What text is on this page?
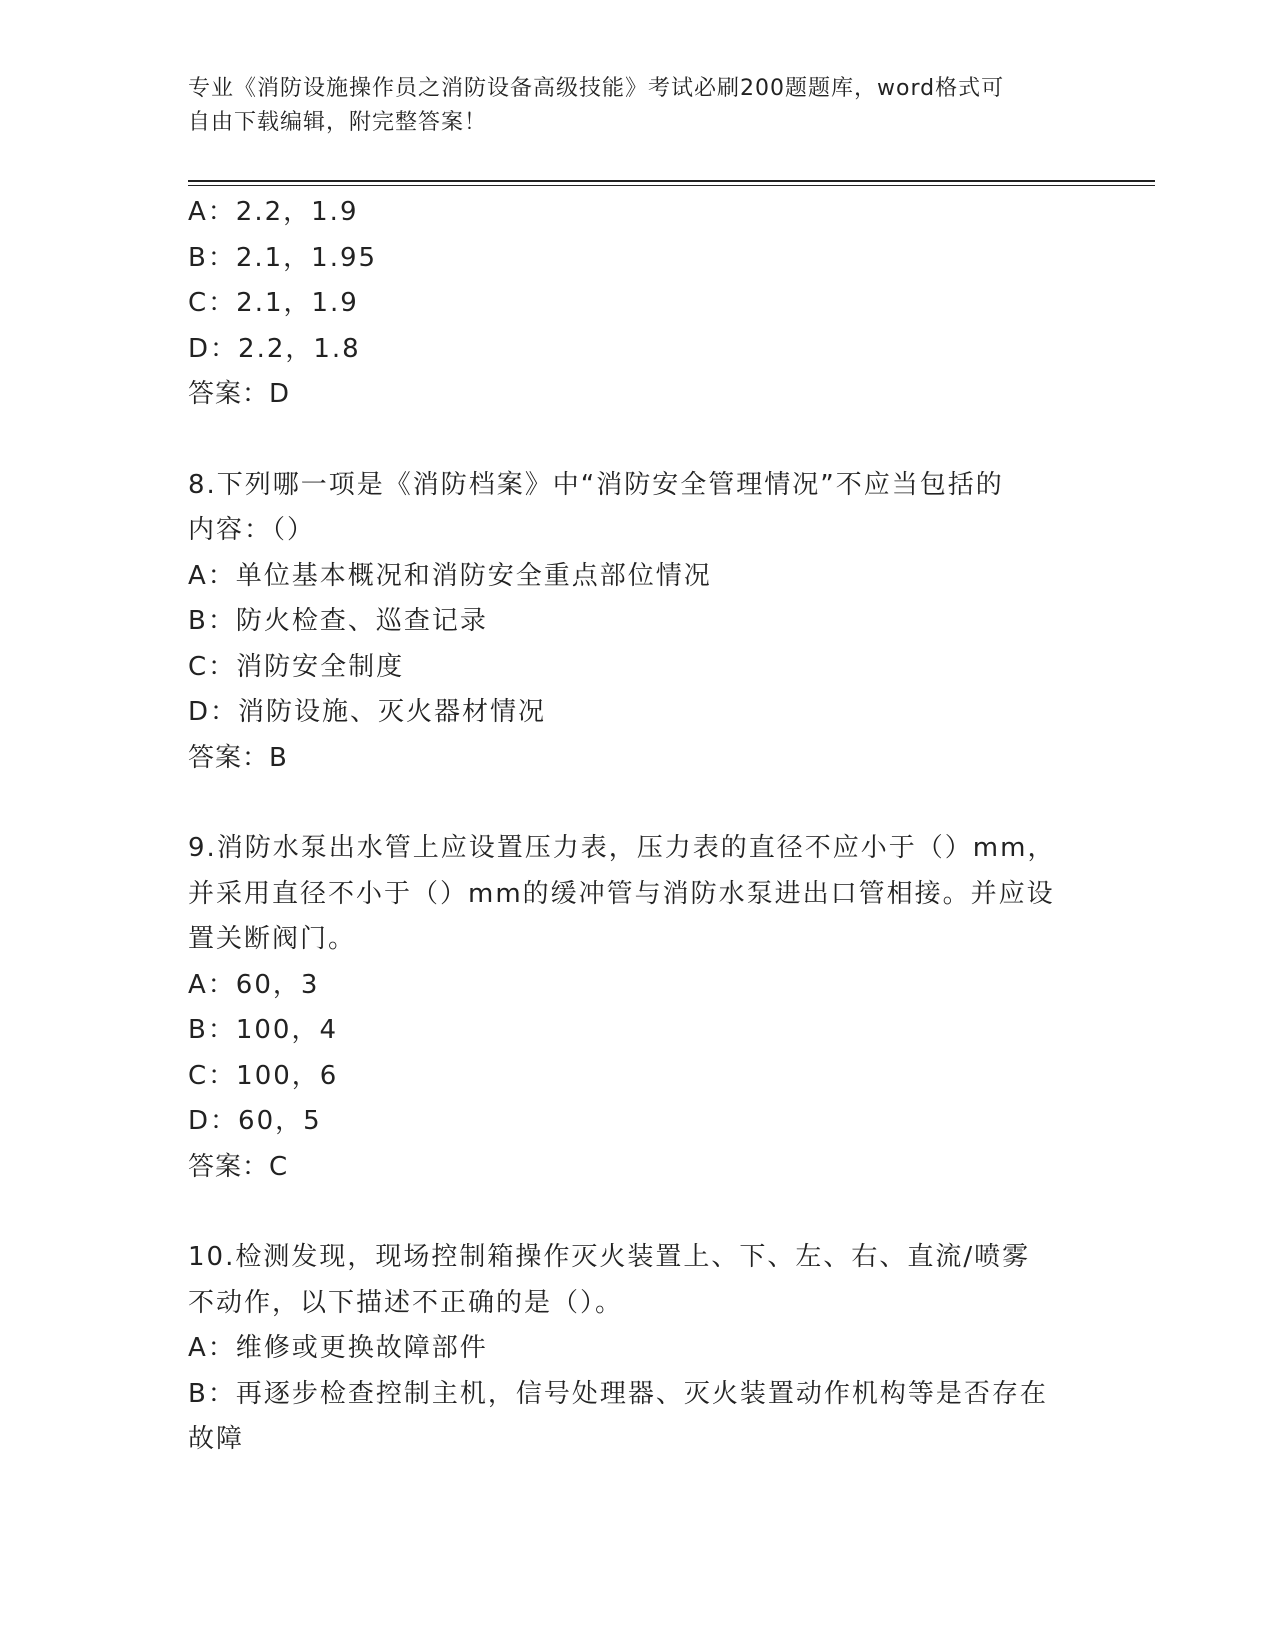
专业《消防设施操作员之消防设备高级技能》考试必刷200题题库，word格式可
自由下载编辑，附完整答案！
A：2.2，1.9
B：2.1，1.95
C：2.1，1.9
D：2.2，1.8
答案：D
8.下列哪一项是《消防档案》中“消防安全管理情况”不应当包括的
内容：（）
A：单位基本概况和消防安全重点部位情况
B：防火检查、巡查记录
C：消防安全制度
D：消防设施、灭火器材情况
答案：B
9.消防水泵出水管上应设置压力表，压力表的直径不应小于（）mm，
并采用直径不小于（）mm的缓冲管与消防水泵进出口管相接。并应设
置关断阀门。
A：60，3
B：100，4
C：100，6
D：60，5
答案：C
10.检测发现，现场控制箱操作灭火装置上、下、左、右、直流/喷雾
不动作，以下描述不正确的是（）。
A：维修或更换故障部件
B：再逐步检查控制主机，信号处理器、灭火装置动作机构等是否存在
故障
